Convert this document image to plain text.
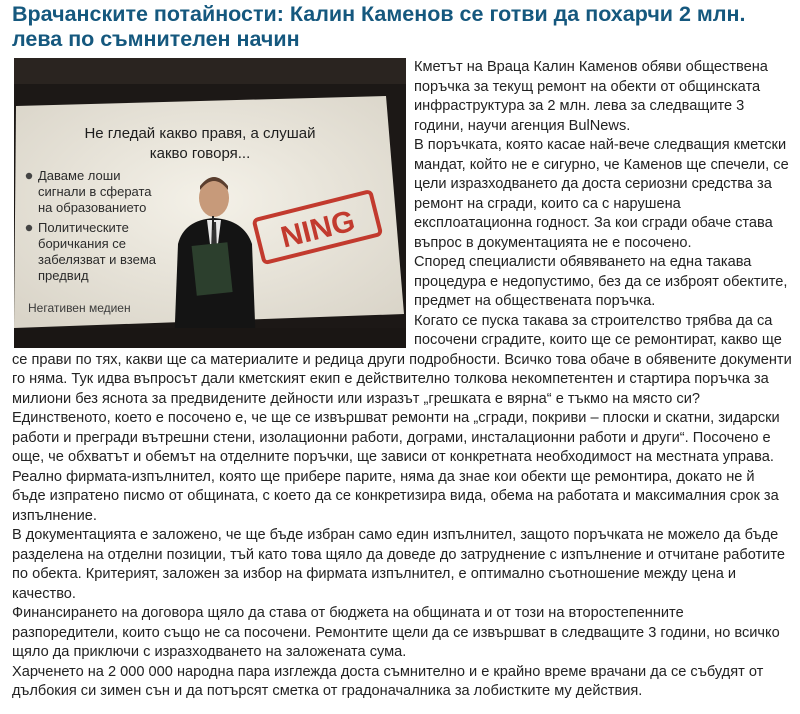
Врачанските потайности: Калин Каменов се готви да похарчи 2 млн. лева по съмнителен начин
NING
Не гледай какво правя, а слушай
какво говоря...
Даваме лоши
сигнали в сферата
на образованието
Политическите
боричкания се
забелязват и взема
предвид
Негативен медиен

Кметът на Враца Калин Каменов обяви обществена поръчка за текущ ремонт на обекти от общинската инфраструктура за 2 млн. лева за следващите 3 години, научи агенция BulNews.

В поръчката, която касае най-вече следващия кметски мандат, който не е сигурно, че Каменов ще спечели, се цели изразходването да доста сериозни средства за ремонт на сгради, които са с нарушена експлоатационна годност. За кои сгради обаче става въпрос в документацията не е посочено.

Според специалисти обявяването на една такава процедура е недопустимо, без да се изброят обектите, предмет на обществената поръчка.

Когато се пуска такава за строителство трябва да са посочени сградите, които ще се ремонтират, какво ще се прави по тях, какви ще са материалите и редица други подробности. Всичко това обаче в обявените документи го няма. Тук идва въпросът дали кметският екип е действително толкова некомпетентен и стартира поръчка за милиони без яснота за предвидените дейности или изразът „грешката е вярна“ е тъкмо на място си? Единственото, което е посочено е, че ще се извършват ремонти на „сгради, покриви – плоски и скатни, зидарски работи и прегради вътрешни стени, изолационни работи, дограми, инсталационни работи и други“. Посочено е още, че обхватът и обемът на отделните поръчки, ще зависи от конкретната необходимост на местната управа. Реално фирмата-изпълнител, която ще прибере парите, няма да знае кои обекти ще ремонтира, докато не й бъде изпратено писмо от общината, с което да се конкретизира вида, обема на работата и максималния срок за изпълнение.

В документацията е заложено, че ще бъде избран само един изпълнител, защото поръчката не можело да бъде разделена на отделни позиции, тъй като това щяло да доведе до затруднение с изпълнение и отчитане работите по обекта. Критерият, заложен за избор на фирмата изпълнител, е оптимално съотношение между цена и качество.

Финансирането на договора щяло да става от бюджета на общината и от този на второстепенните разпоредители, които също не са посочени. Ремонтите щели да се извършват в следващите 3 години, но всичко щяло да приключи с изразходването на заложената сума.

Харченето на 2 000 000 народна пара изглежда доста съмнително и е крайно време врачани да се събудят от дълбокия си зимен сън и да потърсят сметка от градоначалника за лобистките му действия.
